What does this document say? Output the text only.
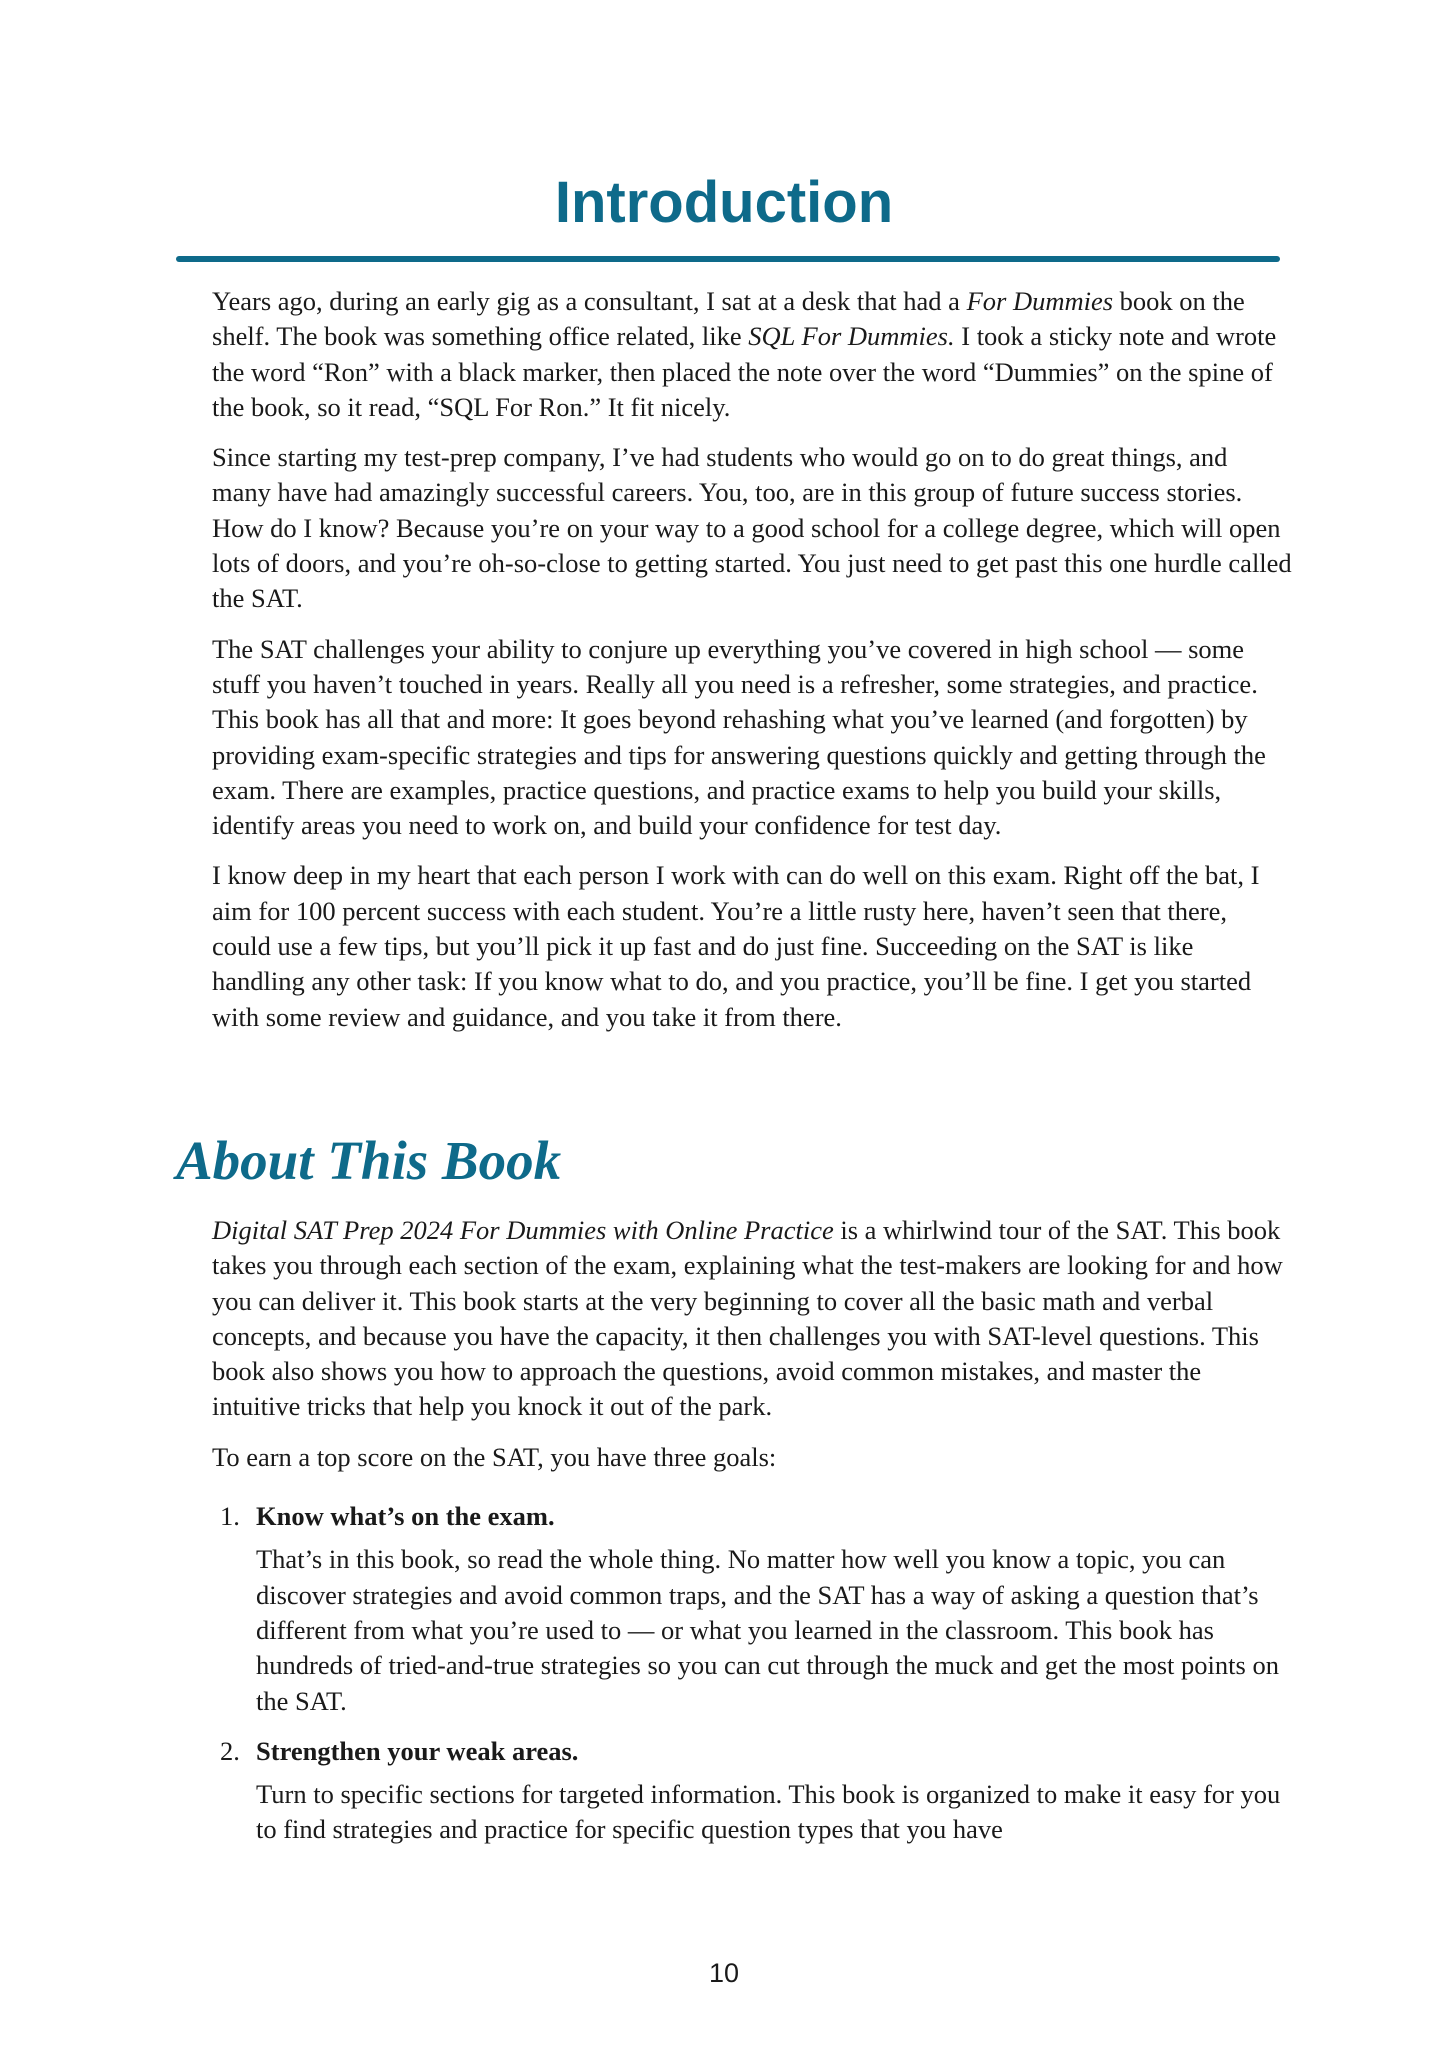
Introduction

Years ago, during an early gig as a consultant, I sat at a desk that had a For Dummies book on the shelf. The book was something office related, like SQL For Dummies. I took a sticky note and wrote the word “Ron” with a black marker, then placed the note over the word “Dummies” on the spine of the book, so it read, “SQL For Ron.” It fit nicely.

Since starting my test-prep company, I’ve had students who would go on to do great things, and many have had amazingly successful careers. You, too, are in this group of future success stories. How do I know? Because you’re on your way to a good school for a college degree, which will open lots of doors, and you’re oh-so-close to getting started. You just need to get past this one hurdle called the SAT.

The SAT challenges your ability to conjure up everything you’ve covered in high school — some stuff you haven’t touched in years. Really all you need is a refresher, some strategies, and practice. This book has all that and more: It goes beyond rehashing what you’ve learned (and forgotten) by providing exam-specific strategies and tips for answering questions quickly and getting through the exam. There are examples, practice questions, and practice exams to help you build your skills, identify areas you need to work on, and build your confidence for test day.

I know deep in my heart that each person I work with can do well on this exam. Right off the bat, I aim for 100 percent success with each student. You’re a little rusty here, haven’t seen that there, could use a few tips, but you’ll pick it up fast and do just fine. Succeeding on the SAT is like handling any other task: If you know what to do, and you practice, you’ll be fine. I get you started with some review and guidance, and you take it from there.

About This Book

Digital SAT Prep 2024 For Dummies with Online Practice is a whirlwind tour of the SAT. This book takes you through each section of the exam, explaining what the test-makers are looking for and how you can deliver it. This book starts at the very beginning to cover all the basic math and verbal concepts, and because you have the capacity, it then challenges you with SAT-level questions. This book also shows you how to approach the questions, avoid common mistakes, and master the intuitive tricks that help you knock it out of the park.

To earn a top score on the SAT, you have three goals:

1. Know what’s on the exam.
That’s in this book, so read the whole thing. No matter how well you know a topic, you can discover strategies and avoid common traps, and the SAT has a way of asking a question that’s different from what you’re used to — or what you learned in the classroom. This book has hundreds of tried-and-true strategies so you can cut through the muck and get the most points on the SAT.
2. Strengthen your weak areas.
Turn to specific sections for targeted information. This book is organized to make it easy for you to find strategies and practice for specific question types that you have
10
